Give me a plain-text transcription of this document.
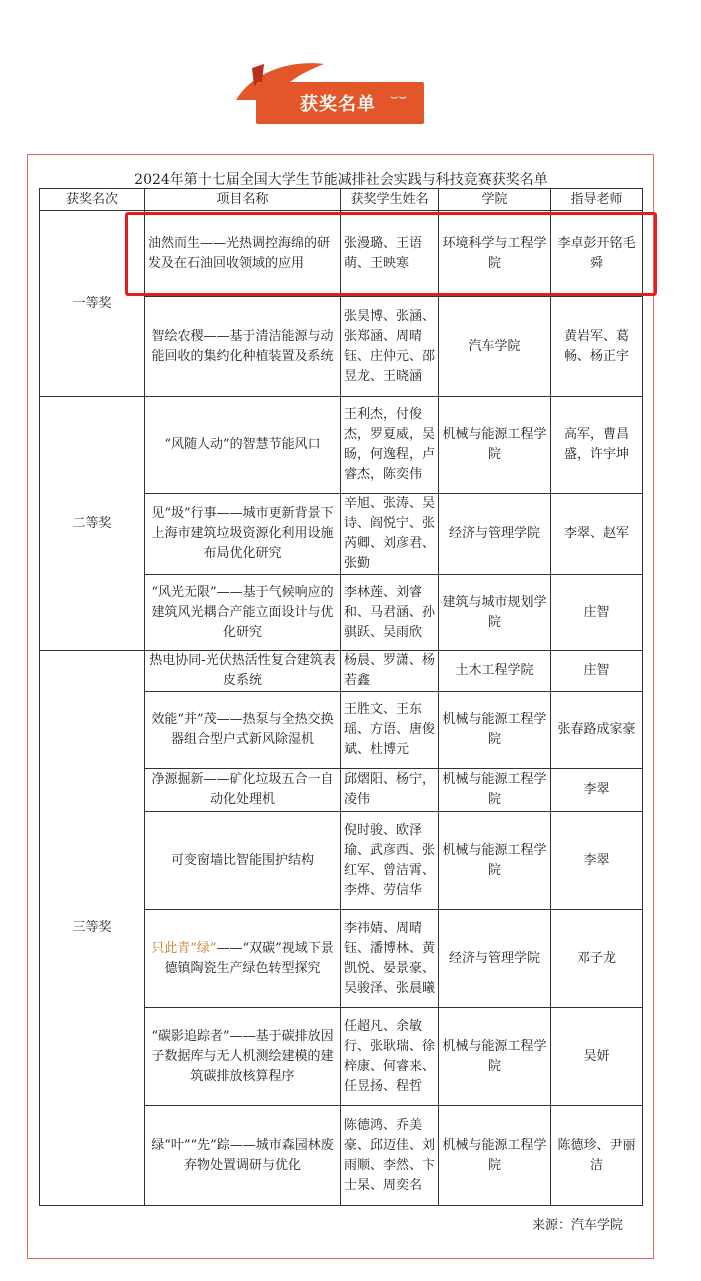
获奖名单 ⌣⌣
2024年第十七届全国大学生节能减排社会实践与科技竞赛获奖名单
获奖名次	项目名称	获奖学生姓名	学院	指导老师
一等奖	油然而生——光热调控海绵的研发及在石油回收领域的应用	张漫璐、王语萌、王映寒	环境科学与工程学院	李卓彭开铭毛舜
	智绘农稷——基于清洁能源与动能回收的集约化种植装置及系统	张昊博、张涵、张郑涵、周晴钰、庄仲元、邵昱龙、王晓涵	汽车学院	黄岩军、葛畅、杨正宇
二等奖	“风随人动”的智慧节能风口	王利杰，付俊杰，罗夏威，吴旸，何逸程，卢睿杰，陈奕伟	机械与能源工程学院	高军，曹昌盛，许宇坤
	见“圾”行事——城市更新背景下上海市建筑垃圾资源化利用设施布局优化研究	辛旭、张涛、吴诗、阎悦宁、张芮卿、刘彦君、张勤	经济与管理学院	李翠、赵军
	“风光无限”——基于气候响应的建筑风光耦合产能立面设计与优化研究	李林莲、刘睿和、马君涵、孙骐跃、吴雨欣	建筑与城市规划学院	庄智
三等奖	热电协同-光伏热活性复合建筑表皮系统	杨晨、罗潇、杨若鑫	土木工程学院	庄智
	效能“并”茂——热泵与全热交换器组合型户式新风除湿机	王胜文、王东瑶、方语、唐俊斌、杜博元	机械与能源工程学院	张春路成家豪
	净源掘新——矿化垃圾五合一自动化处理机	邱熠阳、杨宁，凌伟	机械与能源工程学院	李翠
	可变窗墙比智能围护结构	倪时骏、欧泽瑜、武彦西、张红军、曾洁霄、李烨、劳信华	机械与能源工程学院	李翠
	只此青“绿”——“双碳”视域下景德镇陶瓷生产绿色转型探究	李祎婧、周晴钰、潘博林、黄凯悦、晏景豪、吴骏泽、张晨曦	经济与管理学院	邓子龙
	“碳影追踪者”——基于碳排放因子数据库与无人机测绘建模的建筑碳排放核算程序	任超凡、余敏行、张耿瑞、徐梓康、何睿来、任昱扬、程哲	机械与能源工程学院	吴妍
	绿“叶”“先”踪——城市森园林废弃物处置调研与优化	陈德鸿、乔美豪、邱迈佳、刘雨顺、李然、卞士杲、周奕名	机械与能源工程学院	陈德珍、尹丽洁
来源：汽车学院
